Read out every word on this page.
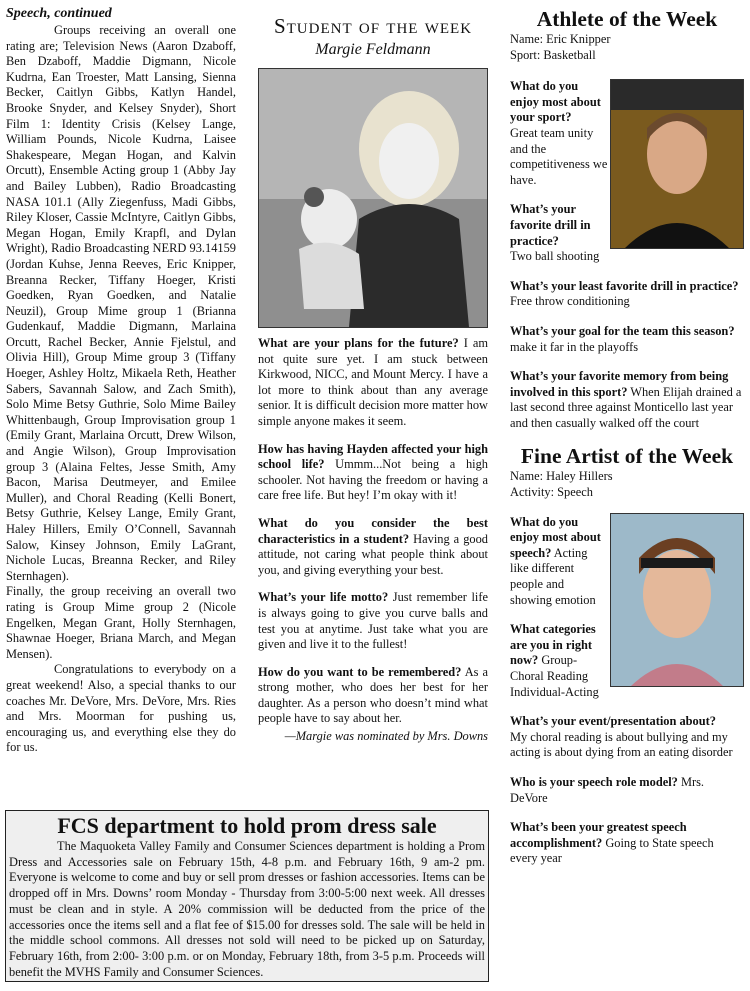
Speech, continued

Groups receiving an overall one rating are; Television News (Aaron Dzaboff, Ben Dzaboff, Maddie Digmann, Nicole Kudrna, Ean Troester, Matt Lansing, Sienna Becker, Caitlyn Gibbs, Katlyn Handel, Brooke Snyder, and Kelsey Snyder), Short Film 1: Identity Crisis (Kelsey Lange, William Pounds, Nicole Kudrna, Laisee Shakespeare, Megan Hogan, and Kalvin Orcutt), Ensemble Acting group 1 (Abby Jay and Bailey Lubben), Radio Broadcasting NASA 101.1 (Ally Ziegenfuss, Madi Gibbs, Riley Kloser, Cassie McIntyre, Caitlyn Gibbs, Megan Hogan, Emily Krapfl, and Dylan Wright), Radio Broadcasting NERD 93.14159 (Jordan Kuhse, Jenna Reeves, Eric Knipper, Breanna Recker, Tiffany Hoeger, Kristi Goedken, Ryan Goedken, and Natalie Neuzil), Group Mime group 1 (Brianna Gudenkauf, Maddie Digmann, Marlaina Orcutt, Rachel Becker, Annie Fjelstul, and Olivia Hill), Group Mime group 3 (Tiffany Hoeger, Ashley Holtz, Mikaela Reth, Heather Sabers, Savannah Salow, and Zach Smith), Solo Mime Betsy Guthrie, Solo Mime Bailey Whittenbaugh, Group Improvisation group 1 (Emily Grant, Marlaina Orcutt, Drew Wilson, and Angie Wilson), Group Improvisation group 3 (Alaina Feltes, Jesse Smith, Amy Bacon, Marisa Deutmeyer, and Emilee Muller), and Choral Reading (Kelli Bonert, Betsy Guthrie, Kelsey Lange, Emily Grant, Haley Hillers, Emily O’Connell, Savannah Salow, Kinsey Johnson, Emily LaGrant, Nichole Lucas, Breanna Recker, and Riley Sternhagen).

Finally, the group receiving an overall two rating is Group Mime group 2 (Nicole Engelken, Megan Grant, Holly Sternhagen, Shawnae Hoeger, Briana March, and Megan Mensen).

Congratulations to everybody on a great weekend! Also, a special thanks to our coaches Mr. DeVore, Mrs. DeVore, Mrs. Ries and Mrs. Moorman for pushing us, encouraging us, and everything else they do for us.

Student of the week

Margie Feldmann

What are your plans for the future? I am not quite sure yet. I am stuck between Kirkwood, NICC, and Mount Mercy. I have a lot more to think about than any average senior. It is difficult decision more matter how simple anyone makes it seem.

How has having Hayden affected your high school life? Ummm...Not being a high schooler. Not having the freedom or having a care free life. But hey! I’m okay with it!

What do you consider the best characteristics in a student? Having a good attitude, not caring what people think about you, and giving everything your best.

What’s your life motto? Just remember life is always going to give you curve balls and test you at anytime. Just take what you are given and live it to the fullest!

How do you want to be remembered? As a strong mother, who does her best for her daughter. As a person who doesn’t mind what people have to say about her.

—Margie was nominated by Mrs. Downs

Athlete of the Week

Name: Eric Knipper

Sport: Basketball

What do you enjoy most about your sport?
Great team unity and the competitiveness we have.

What’s your favorite drill in practice?
Two ball shooting

What’s your least favorite drill in practice? Free throw conditioning

What’s your goal for the team this season? make it far in the playoffs

What’s your favorite memory from being involved in this sport? When Elijah drained a last second three against Monticello last year and then casually walked off the court

Fine Artist of the Week

Name: Haley Hillers

Activity: Speech

What do you enjoy most about speech? Acting like different people and showing emotion

What categories are you in right now? Group-Choral Reading Individual-Acting

What’s your event/presentation about?
My choral reading is about bullying and my acting is about dying from an eating disorder

Who is your speech role model? Mrs. DeVore

What’s been your greatest speech accomplishment? Going to State speech every year

FCS department to hold prom dress sale

The Maquoketa Valley Family and Consumer Sciences department is holding a Prom Dress and Accessories sale on February 15th, 4-8 p.m. and February 16th, 9 am-2 pm. Everyone is welcome to come and buy or sell prom dresses or fashion accessories. Items can be dropped off in Mrs. Downs’ room Monday - Thursday from 3:00-5:00 next week. All dresses must be clean and in style. A 20% commission will be deducted from the price of the accessories once the items sell and a flat fee of $15.00 for dresses sold. The sale will be held in the middle school commons. All dresses not sold will need to be picked up on Saturday, February 16th, from 2:00- 3:00 p.m. or on Monday, February 18th, from 3-5 p.m. Proceeds will benefit the MVHS Family and Consumer Sciences.
